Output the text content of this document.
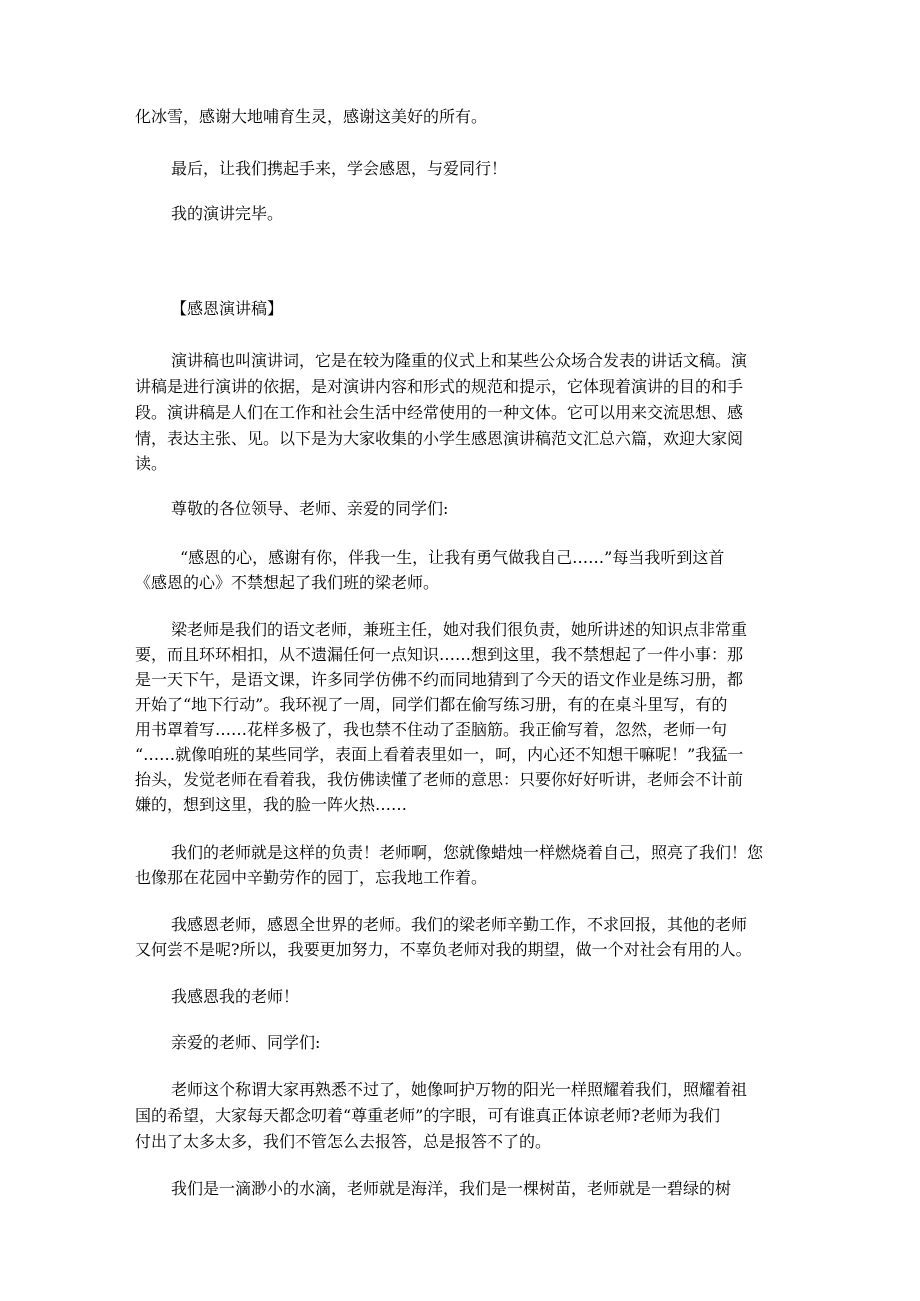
化冰雪，感谢大地哺育生灵，感谢这美好的所有。
最后，让我们携起手来，学会感恩，与爱同行！
我的演讲完毕。
【感恩演讲稿】
演讲稿也叫演讲词，它是在较为隆重的仪式上和某些公众场合发表的讲话文稿。演
讲稿是进行演讲的依据，是对演讲内容和形式的规范和提示，它体现着演讲的目的和手
段。演讲稿是人们在工作和社会生活中经常使用的一种文体。它可以用来交流思想、感
情，表达主张、见。以下是为大家收集的小学生感恩演讲稿范文汇总六篇，欢迎大家阅
读。
尊敬的各位领导、老师、亲爱的同学们:
“感恩的心，感谢有你，伴我一生，让我有勇气做我自己……”每当我听到这首
《感恩的心》不禁想起了我们班的梁老师。
梁老师是我们的语文老师，兼班主任，她对我们很负责，她所讲述的知识点非常重
要，而且环环相扣，从不遗漏任何一点知识……想到这里，我不禁想起了一件小事：那
是一天下午，是语文课，许多同学仿佛不约而同地猜到了今天的语文作业是练习册，都
开始了“地下行动”。我环视了一周，同学们都在偷写练习册，有的在桌斗里写，有的
用书罩着写……花样多极了，我也禁不住动了歪脑筋。我正偷写着，忽然，老师一句
“……就像咱班的某些同学，表面上看着表里如一，呵，内心还不知想干嘛呢！”我猛一
抬头，发觉老师在看着我，我仿佛读懂了老师的意思：只要你好好听讲，老师会不计前
嫌的，想到这里，我的脸一阵火热……
我们的老师就是这样的负责！老师啊，您就像蜡烛一样燃烧着自己，照亮了我们！您
也像那在花园中辛勤劳作的园丁，忘我地工作着。
我感恩老师，感恩全世界的老师。我们的梁老师辛勤工作，不求回报，其他的老师
又何尝不是呢?所以，我要更加努力，不辜负老师对我的期望，做一个对社会有用的人。
我感恩我的老师！
亲爱的老师、同学们:
老师这个称谓大家再熟悉不过了，她像呵护万物的阳光一样照耀着我们，照耀着祖
国的希望，大家每天都念叨着“尊重老师”的字眼，可有谁真正体谅老师?老师为我们
付出了太多太多，我们不管怎么去报答，总是报答不了的。
我们是一滴渺小的水滴，老师就是海洋，我们是一棵树苗，老师就是一碧绿的树
